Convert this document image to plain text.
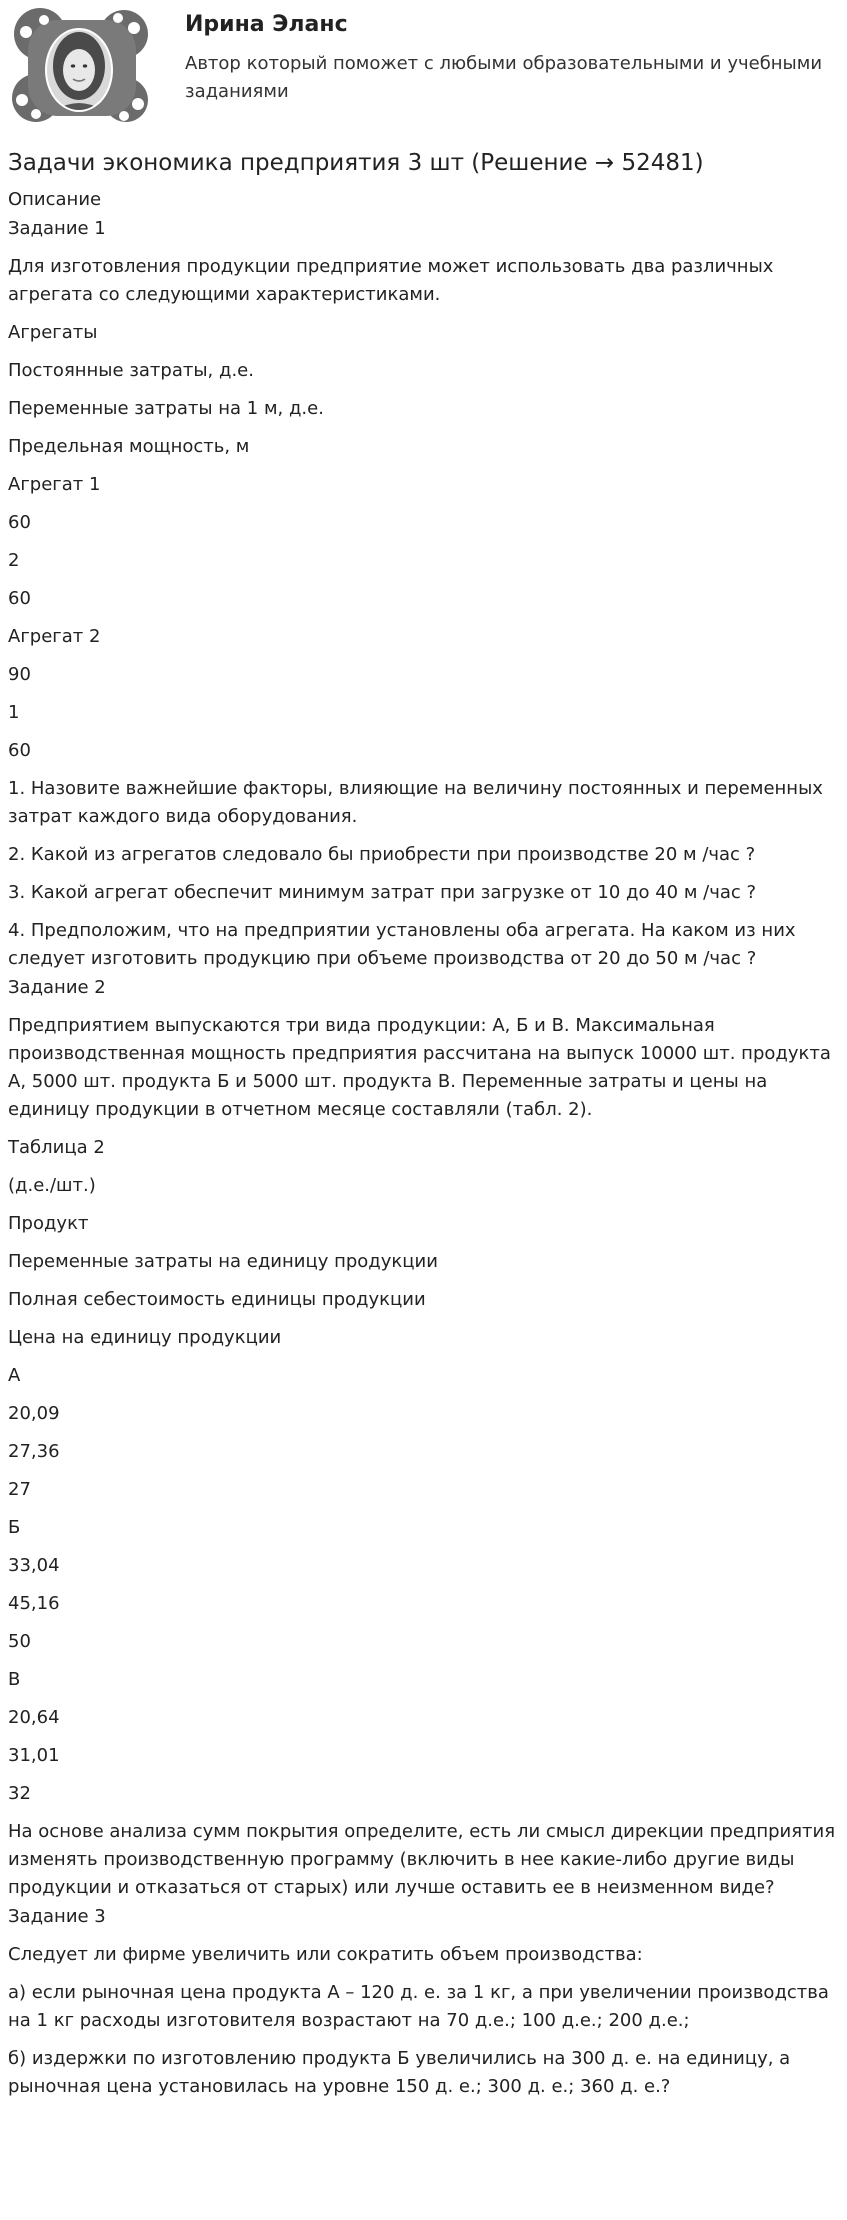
Ирина Эланс
Автор который поможет с любыми образовательными и учебными заданиями
Задачи экономика предприятия 3 шт (Решение → 52481)

Описание

Задание 1

Для изготовления продукции предприятие может использовать два различных агрегата со следующими характеристиками.

Агрегаты

Постоянные затраты, д.е.

Переменные затраты на 1 м, д.е.

Предельная мощность, м

Агрегат 1

60

2

60

Агрегат 2

90

1

60

1. Назовите важнейшие факторы, влияющие на величину постоянных и переменных затрат каждого вида оборудования.

2. Какой из агрегатов следовало бы приобрести при производстве 20 м /час ?

3. Какой агрегат обеспечит минимум затрат при загрузке от 10 до 40 м /час ?

4. Предположим, что на предприятии установлены оба агрегата. На каком из них следует изготовить продукцию при объеме производства от 20 до 50 м /час ?

Задание 2

Предприятием выпускаются три вида продукции: А, Б и В. Максимальная производственная мощность предприятия рассчитана на выпуск 10000 шт. продукта А, 5000 шт. продукта Б и 5000 шт. продукта В. Переменные затраты и цены на единицу продукции в отчетном месяце составляли (табл. 2).

Таблица 2

(д.е./шт.)

Продукт

Переменные затраты на единицу продукции

Полная себестоимость единицы продукции

Цена на единицу продукции

А

20,09

27,36

27

Б

33,04

45,16

50

В

20,64

31,01

32

На основе анализа сумм покрытия определите, есть ли смысл дирекции предприятия изменять производственную программу (включить в нее какие-либо другие виды продукции и отказаться от старых) или лучше оставить ее в неизменном виде?

Задание 3

Следует ли фирме увеличить или сократить объем производства:

а) если рыночная цена продукта А – 120 д. е. за 1 кг, а при увеличении производства на 1 кг расходы изготовителя возрастают на 70 д.е.; 100 д.е.; 200 д.е.;

б) издержки по изготовлению продукта Б увеличились на 300 д. е. на единицу, а рыночная цена установилась на уровне 150 д. е.; 300 д. е.; 360 д. е.?
